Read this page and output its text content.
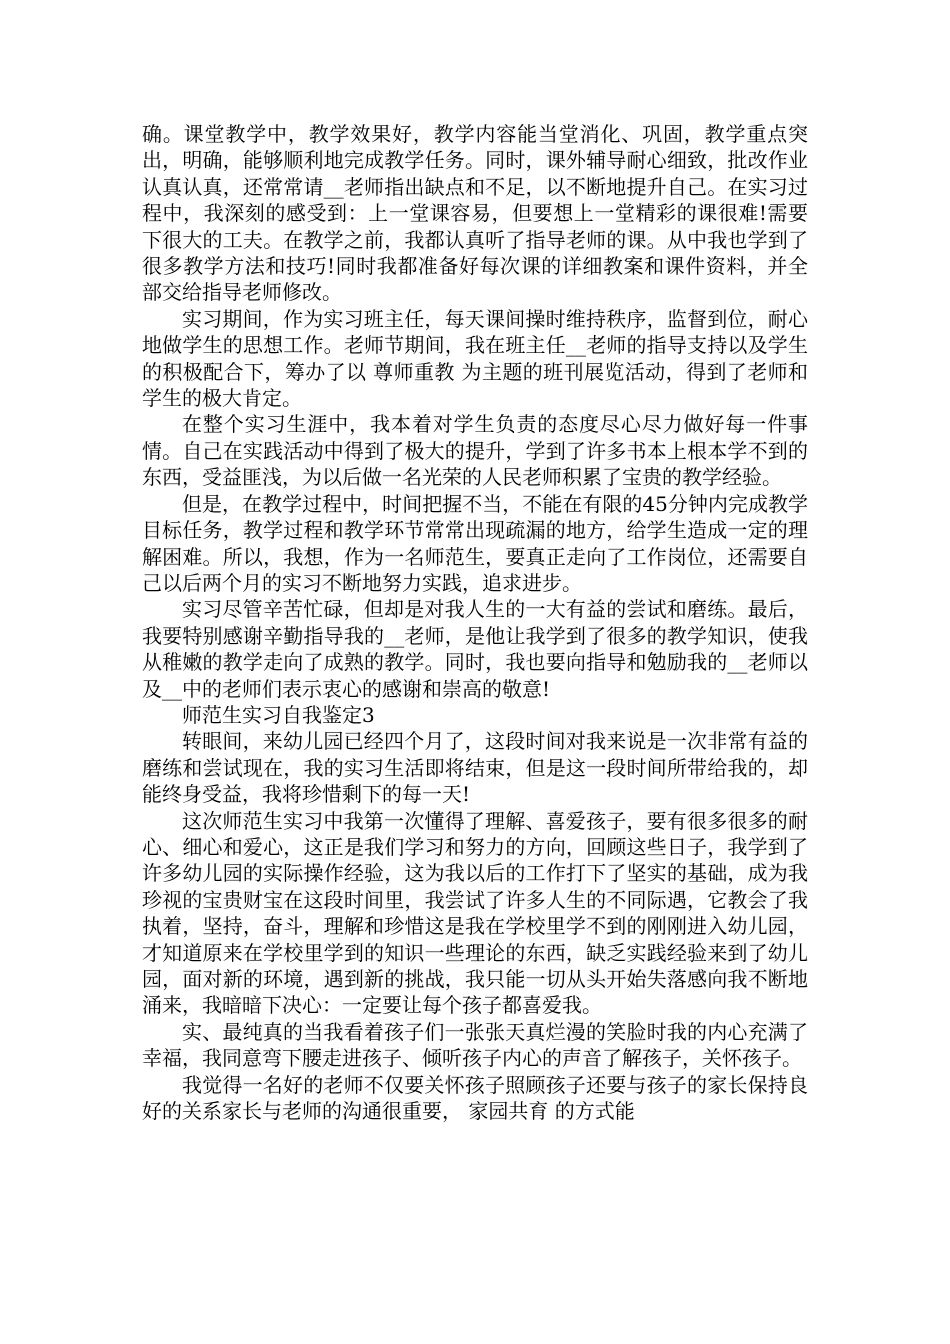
确。课堂教学中，教学效果好，教学内容能当堂消化、巩固，教学重点突出，明确，能够顺利地完成教学任务。同时，课外辅导耐心细致，批改作业认真认真，还常常请__老师指出缺点和不足，以不断地提升自己。在实习过程中，我深刻的感受到：上一堂课容易，但要想上一堂精彩的课很难!需要下很大的工夫。在教学之前，我都认真听了指导老师的课。从中我也学到了很多教学方法和技巧!同时我都准备好每次课的详细教案和课件资料，并全部交给指导老师修改。

实习期间，作为实习班主任，每天课间操时维持秩序，监督到位，耐心地做学生的思想工作。老师节期间，我在班主任__老师的指导支持以及学生的积极配合下，筹办了以 尊师重教 为主题的班刊展览活动，得到了老师和学生的极大肯定。

在整个实习生涯中，我本着对学生负责的态度尽心尽力做好每一件事情。自己在实践活动中得到了极大的提升，学到了许多书本上根本学不到的东西，受益匪浅，为以后做一名光荣的人民老师积累了宝贵的教学经验。

但是，在教学过程中，时间把握不当，不能在有限的45分钟内完成教学目标任务，教学过程和教学环节常常出现疏漏的地方，给学生造成一定的理解困难。所以，我想，作为一名师范生，要真正走向了工作岗位，还需要自己以后两个月的实习不断地努力实践，追求进步。

实习尽管辛苦忙碌，但却是对我人生的一大有益的尝试和磨练。最后，我要特别感谢辛勤指导我的__老师，是他让我学到了很多的教学知识，使我从稚嫩的教学走向了成熟的教学。同时，我也要向指导和勉励我的__老师以及__中的老师们表示衷心的感谢和崇高的敬意!

师范生实习自我鉴定3

转眼间，来幼儿园已经四个月了，这段时间对我来说是一次非常有益的磨练和尝试现在，我的实习生活即将结束，但是这一段时间所带给我的，却能终身受益，我将珍惜剩下的每一天!

这次师范生实习中我第一次懂得了理解、喜爱孩子，要有很多很多的耐心、细心和爱心，这正是我们学习和努力的方向，回顾这些日子，我学到了许多幼儿园的实际操作经验，这为我以后的工作打下了坚实的基础，成为我珍视的宝贵财宝在这段时间里，我尝试了许多人生的不同际遇，它教会了我执着，坚持，奋斗，理解和珍惜这是我在学校里学不到的刚刚进入幼儿园，才知道原来在学校里学到的知识一些理论的东西，缺乏实践经验来到了幼儿园，面对新的环境，遇到新的挑战，我只能一切从头开始失落感向我不断地涌来，我暗暗下决心：一定要让每个孩子都喜爱我。

实、最纯真的当我看着孩子们一张张天真烂漫的笑脸时我的内心充满了幸福，我同意弯下腰走进孩子、倾听孩子内心的声音了解孩子，关怀孩子。

我觉得一名好的老师不仅要关怀孩子照顾孩子还要与孩子的家长保持良好的关系家长与老师的沟通很重要， 家园共育 的方式能
